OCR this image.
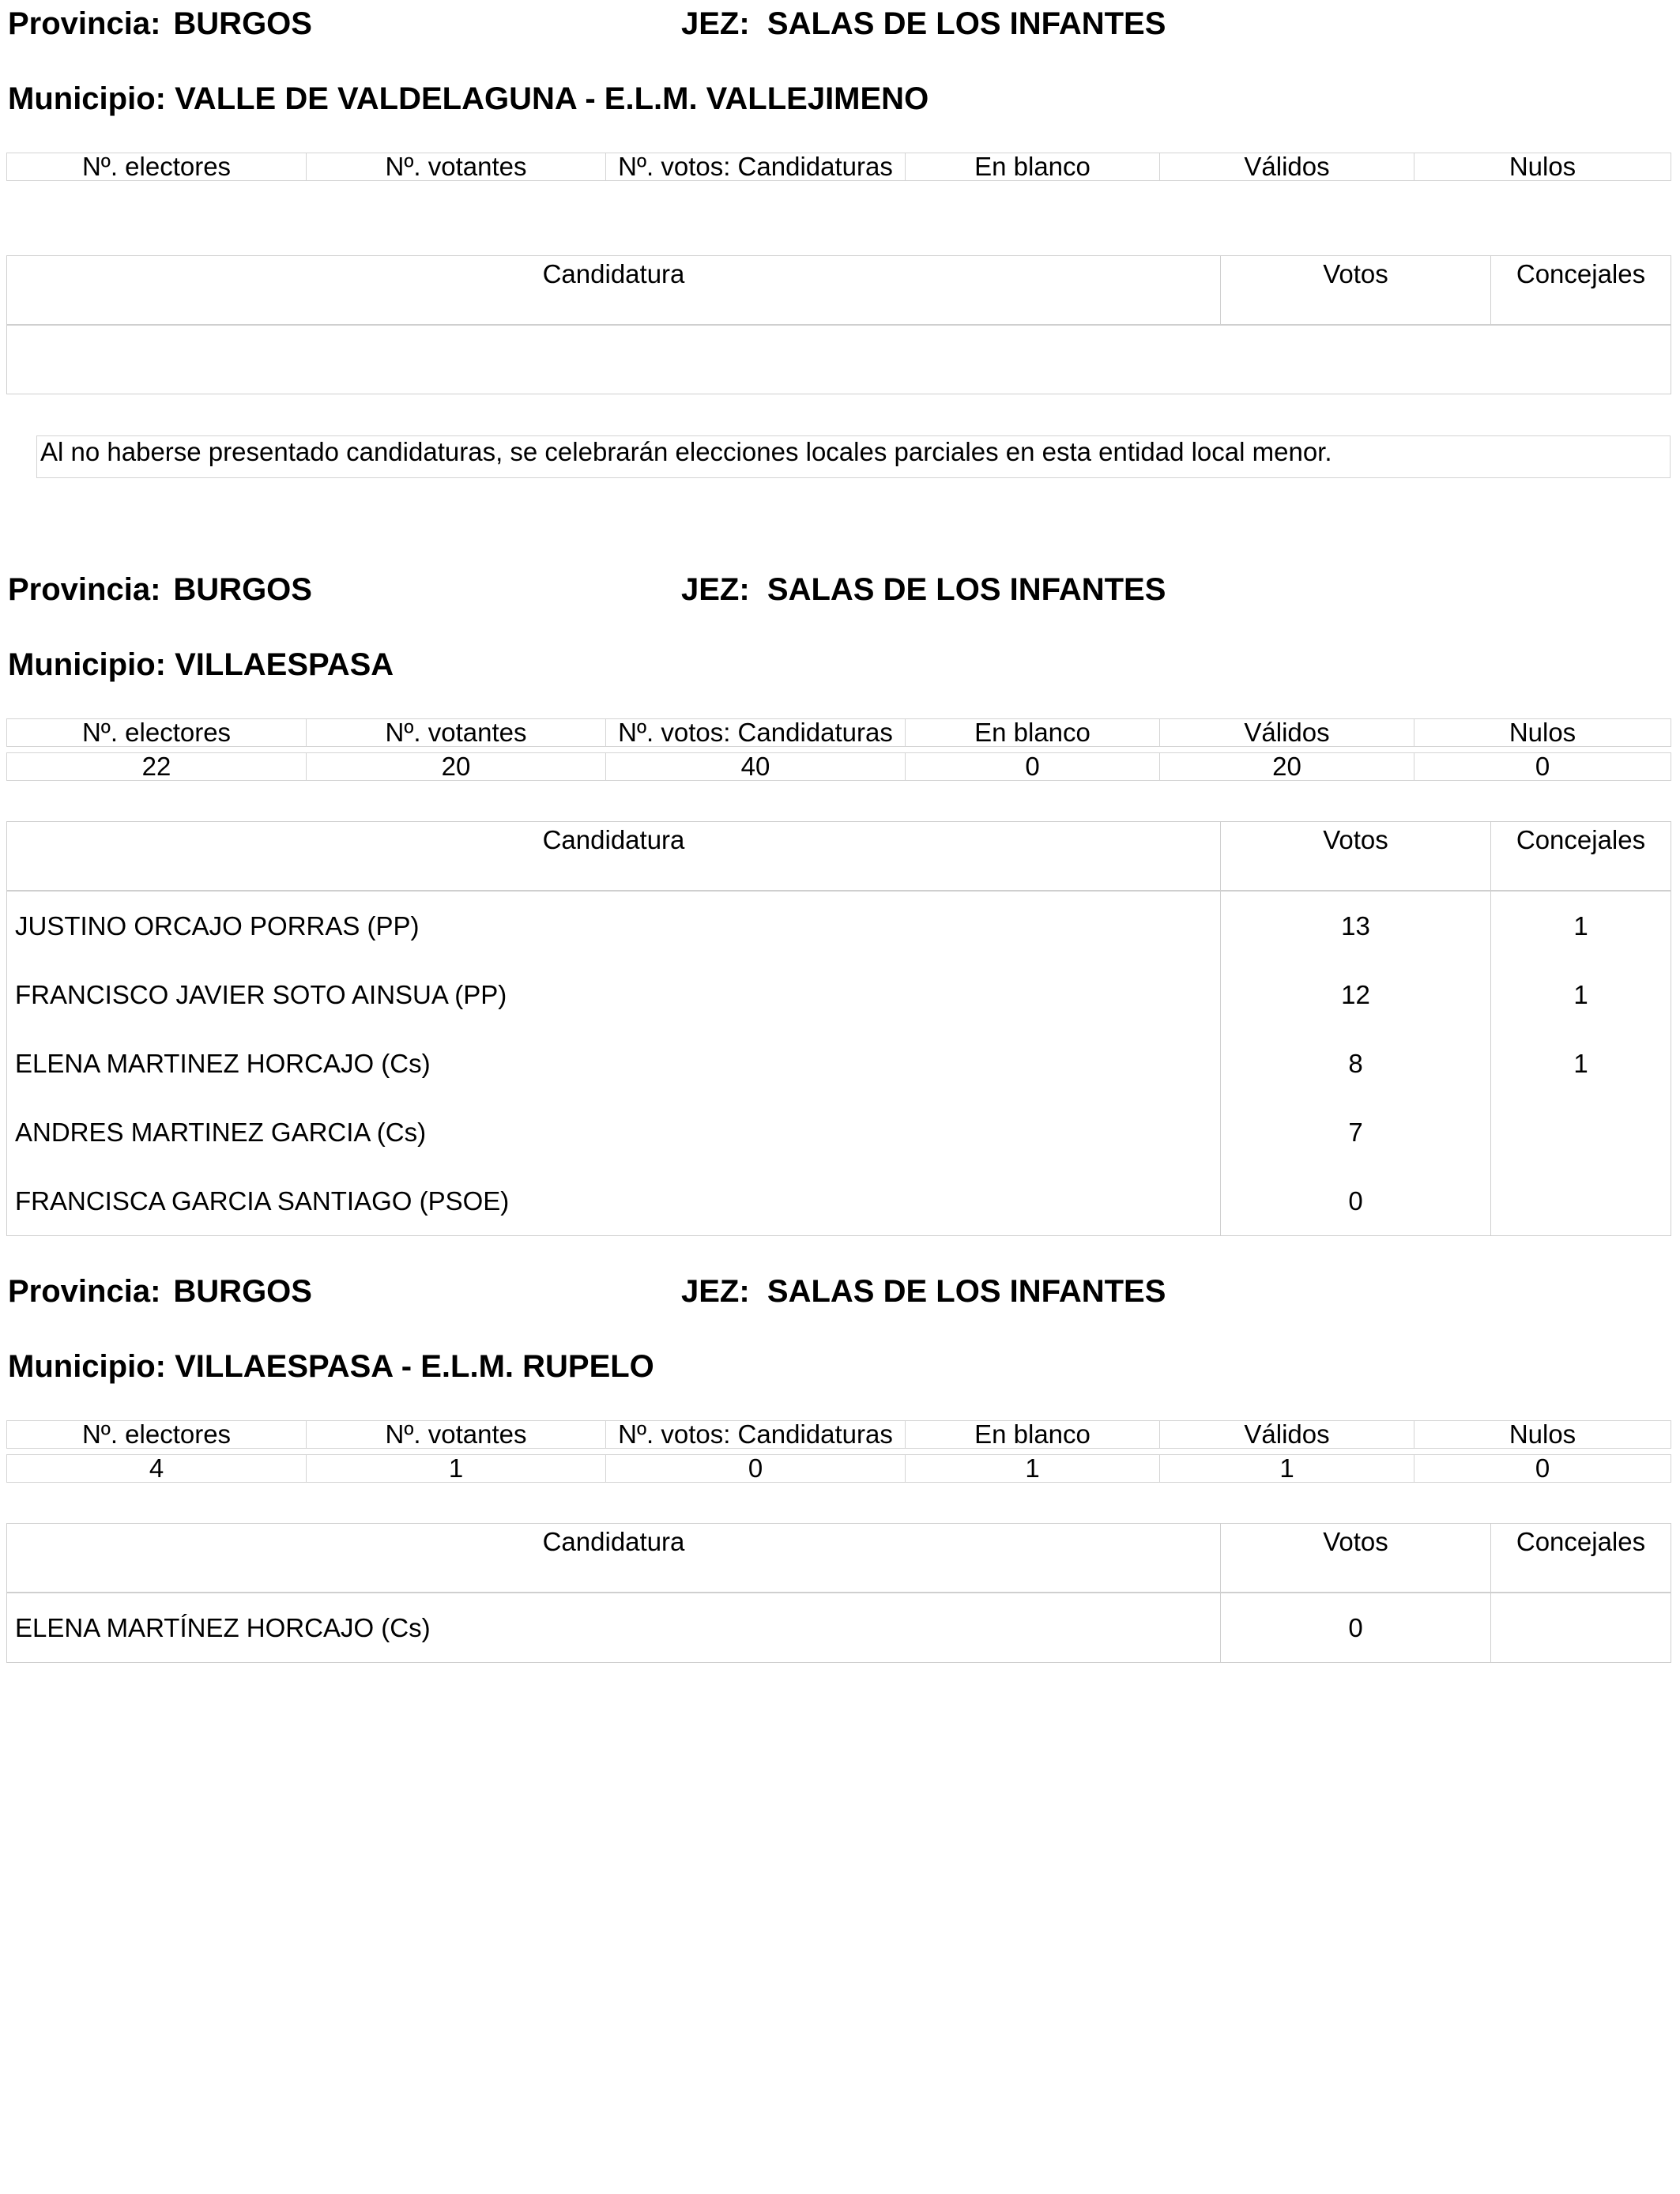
Provincia: BURGOS	JEZ: SALAS DE LOS INFANTES
Municipio: VALLE DE VALDELAGUNA - E.L.M. VALLEJIMENO
Nº. electores	Nº. votantes	Nº. votos: Candidaturas	En blanco	Válidos	Nulos
Candidatura	Votos	Concejales

Al no haberse presentado candidaturas, se celebrarán elecciones locales parciales en esta entidad local menor.
Provincia: BURGOS	JEZ: SALAS DE LOS INFANTES
Municipio: VILLAESPASA
Nº. electores	Nº. votantes	Nº. votos: Candidaturas	En blanco	Válidos	Nulos
22	20	40	0	20	0
Candidatura	Votos	Concejales
JUSTINO ORCAJO PORRAS (PP)	13	1
FRANCISCO JAVIER SOTO AINSUA (PP)	12	1
ELENA MARTINEZ HORCAJO (Cs)	8	1
ANDRES MARTINEZ GARCIA (Cs)	7	
FRANCISCA GARCIA SANTIAGO (PSOE)	0	
Provincia: BURGOS	JEZ: SALAS DE LOS INFANTES
Municipio: VILLAESPASA - E.L.M. RUPELO
Nº. electores	Nº. votantes	Nº. votos: Candidaturas	En blanco	Válidos	Nulos
4	1	0	1	1	0
Candidatura	Votos	Concejales
ELENA MARTÍNEZ HORCAJO (Cs)	0	
